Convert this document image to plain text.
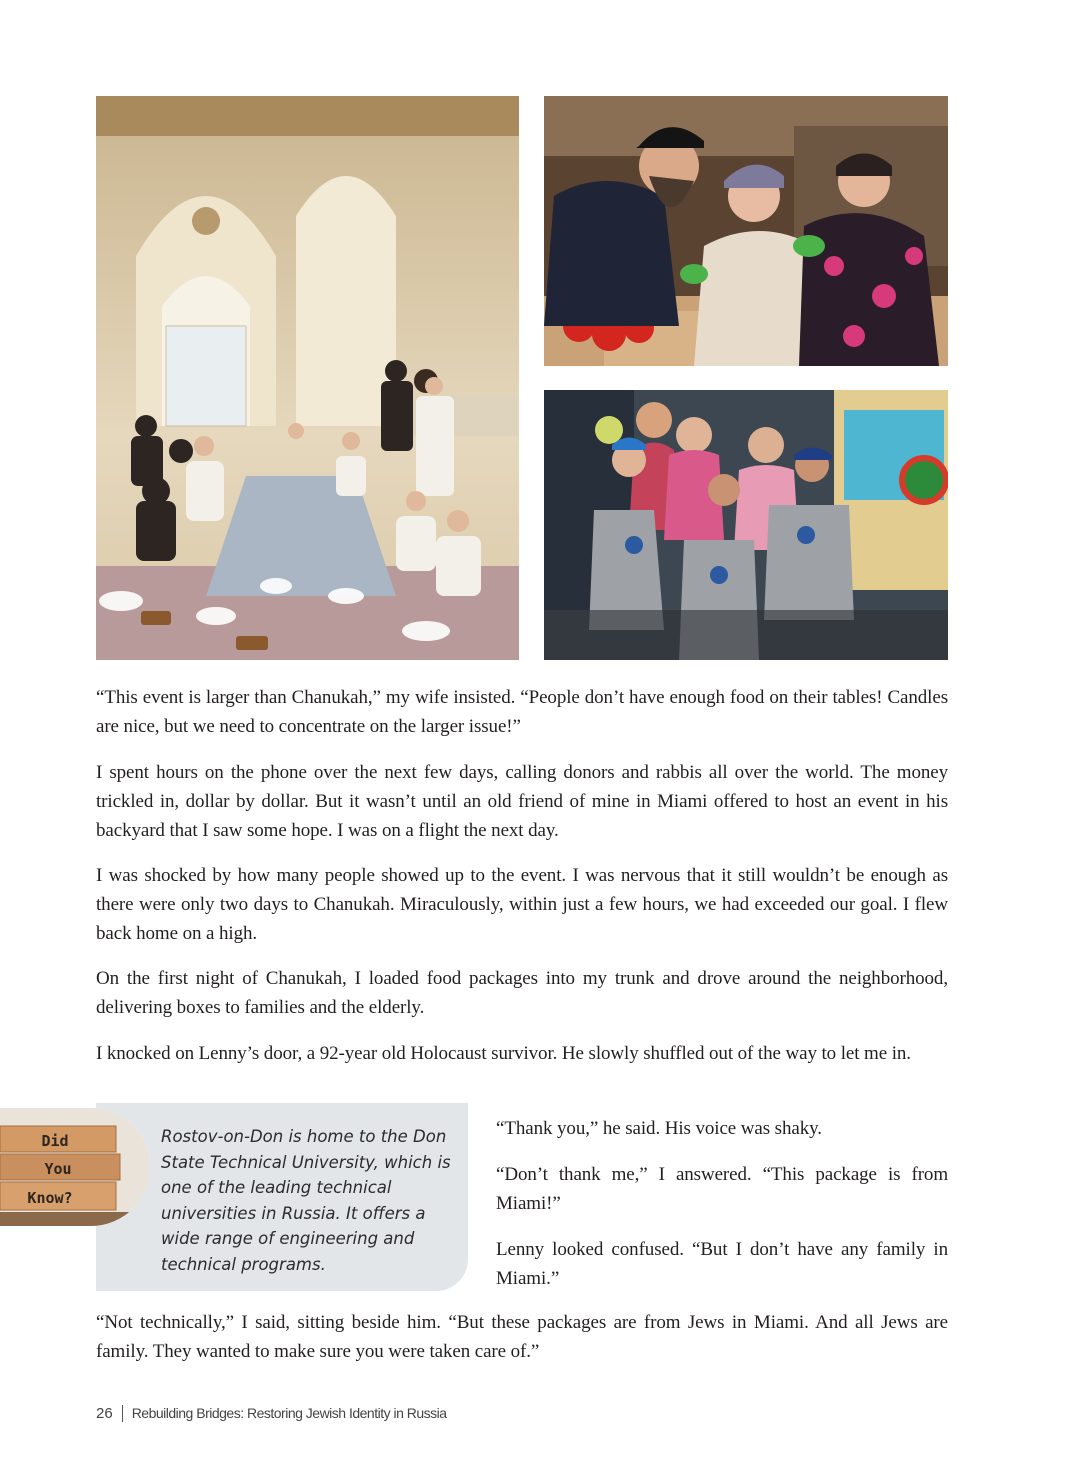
“This event is larger than Chanukah,” my wife insisted. “People don’t have enough food on their tables! Candles are nice, but we need to concentrate on the larger issue!”

I spent hours on the phone over the next few days, calling donors and rabbis all over the world. The money trickled in, dollar by dollar. But it wasn’t until an old friend of mine in Miami offered to host an event in his backyard that I saw some hope. I was on a flight the next day.

I was shocked by how many people showed up to the event. I was nervous that it still wouldn’t be enough as there were only two days to Chanukah. Miraculously, within just a few hours, we had exceeded our goal. I flew back home on a high.

On the first night of Chanukah, I loaded food packages into my trunk and drove around the neighborhood, delivering boxes to families and the elderly.

I knocked on Lenny’s door, a 92-year old Holocaust survivor. He slowly shuffled out of the way to let me in.

Did
You
Know?

Rostov-on-Don is home to the Don State Technical University, which is one of the leading technical universities in Russia. It offers a wide range of engineering and technical programs.

“Thank you,” he said. His voice was shaky.

“Don’t thank me,” I answered. “This package is from Miami!”

Lenny looked confused. “But I don’t have any family in Miami.”

“Not technically,” I said, sitting beside him. “But these packages are from Jews in Miami. And all Jews are family. They wanted to make sure you were taken care of.”

26 Rebuilding Bridges: Restoring Jewish Identity in Russia
